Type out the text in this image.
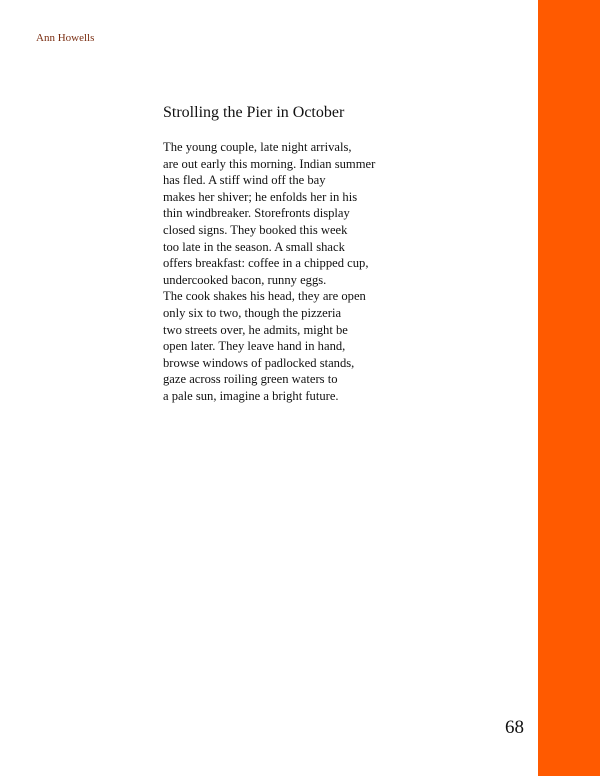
Ann Howells
Strolling the Pier in October
The young couple, late night arrivals,
are out early this morning. Indian summer
has fled. A stiff wind off the bay
makes her shiver; he enfolds her in his
thin windbreaker. Storefronts display
closed signs. They booked this week
too late in the season. A small shack
offers breakfast: coffee in a chipped cup,
undercooked bacon, runny eggs.
The cook shakes his head, they are open
only six to two, though the pizzeria
two streets over, he admits, might be
open later. They leave hand in hand,
browse windows of padlocked stands,
gaze across roiling green waters to
a pale sun, imagine a bright future.
68
